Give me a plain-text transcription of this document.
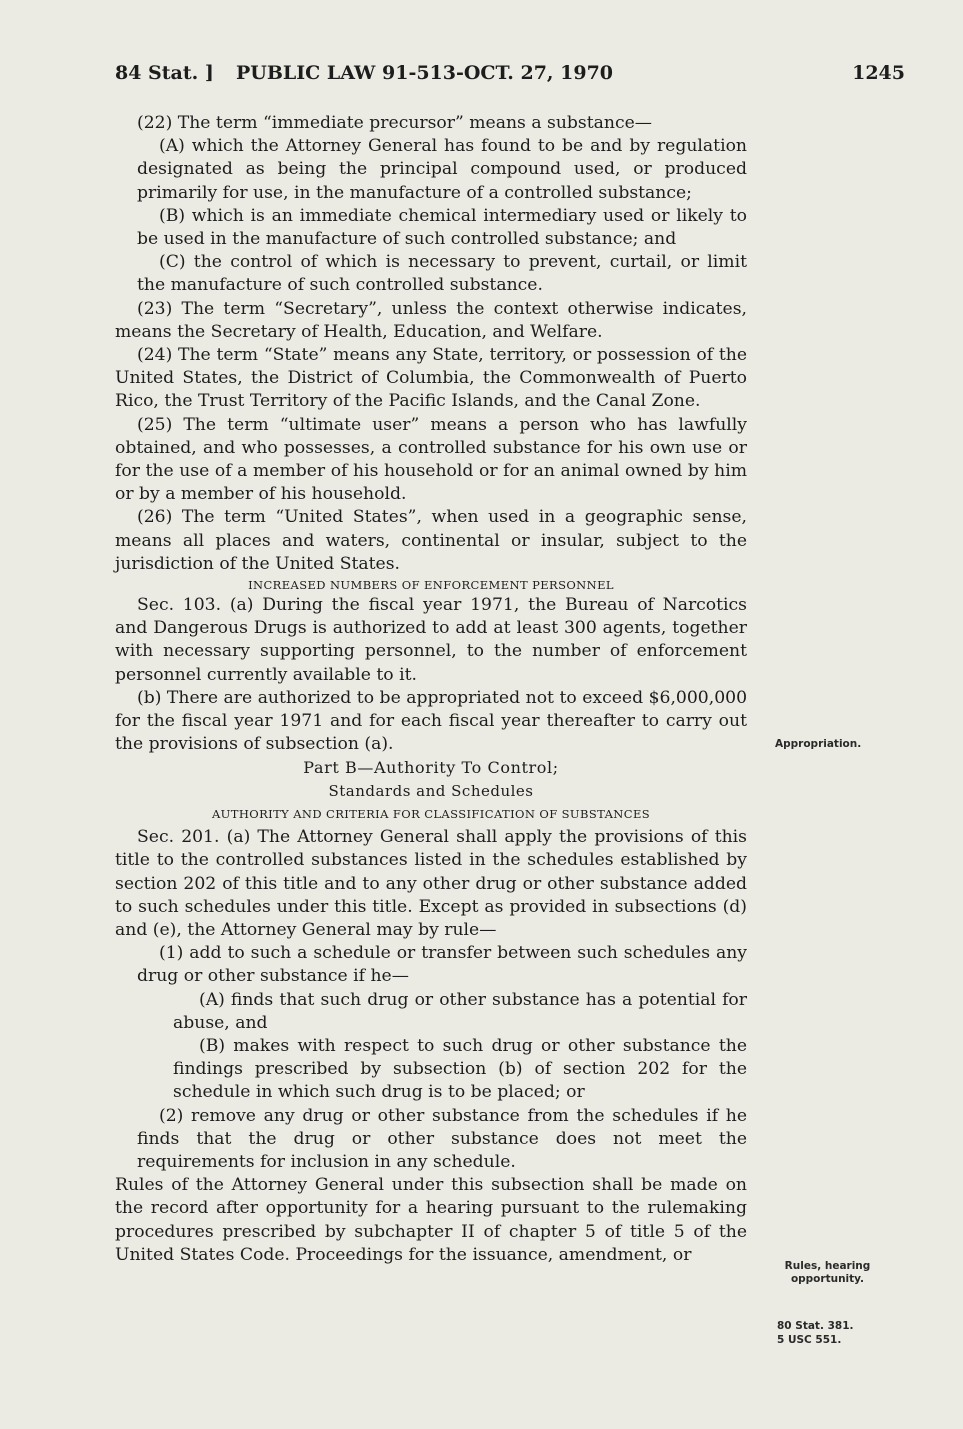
84 Stat. ] PUBLIC LAW 91-513-OCT. 27, 1970	1245

(22) The term “immediate precursor” means a substance—

(A) which the Attorney General has found to be and by regulation designated as being the principal compound used, or produced primarily for use, in the manufacture of a controlled substance;

(B) which is an immediate chemical intermediary used or likely to be used in the manufacture of such controlled substance; and

(C) the control of which is necessary to prevent, curtail, or limit the manufacture of such controlled substance.

(23) The term “Secretary”, unless the context otherwise indicates, means the Secretary of Health, Education, and Welfare.

(24) The term “State” means any State, territory, or possession of the United States, the District of Columbia, the Commonwealth of Puerto Rico, the Trust Territory of the Pacific Islands, and the Canal Zone.

(25) The term “ultimate user” means a person who has lawfully obtained, and who possesses, a controlled substance for his own use or for the use of a member of his household or for an animal owned by him or by a member of his household.

(26) The term “United States”, when used in a geographic sense, means all places and waters, continental or insular, subject to the jurisdiction of the United States.

INCREASED NUMBERS OF ENFORCEMENT PERSONNEL

Sec. 103. (a) During the fiscal year 1971, the Bureau of Narcotics and Dangerous Drugs is authorized to add at least 300 agents, together with necessary supporting personnel, to the number of enforcement personnel currently available to it.

(b) There are authorized to be appropriated not to exceed $6,000,000 for the fiscal year 1971 and for each fiscal year thereafter to carry out the provisions of subsection (a).

Part B—Authority To Control;

Standards and Schedules

AUTHORITY AND CRITERIA FOR CLASSIFICATION OF SUBSTANCES

Sec. 201. (a) The Attorney General shall apply the provisions of this title to the controlled substances listed in the schedules established by section 202 of this title and to any other drug or other substance added to such schedules under this title. Except as provided in subsections (d) and (e), the Attorney General may by rule—

(1) add to such a schedule or transfer between such schedules any drug or other substance if he—

(A) finds that such drug or other substance has a potential for abuse, and

(B) makes with respect to such drug or other substance the findings prescribed by subsection (b) of section 202 for the schedule in which such drug is to be placed; or

(2) remove any drug or other substance from the schedules if he finds that the drug or other substance does not meet the requirements for inclusion in any schedule.

Rules of the Attorney General under this subsection shall be made on the record after opportunity for a hearing pursuant to the rulemaking procedures prescribed by subchapter II of chapter 5 of title 5 of the United States Code. Proceedings for the issuance, amendment, or

Appropriation.
Rules, hearing opportunity.
80 Stat. 381.
5 USC 551.
